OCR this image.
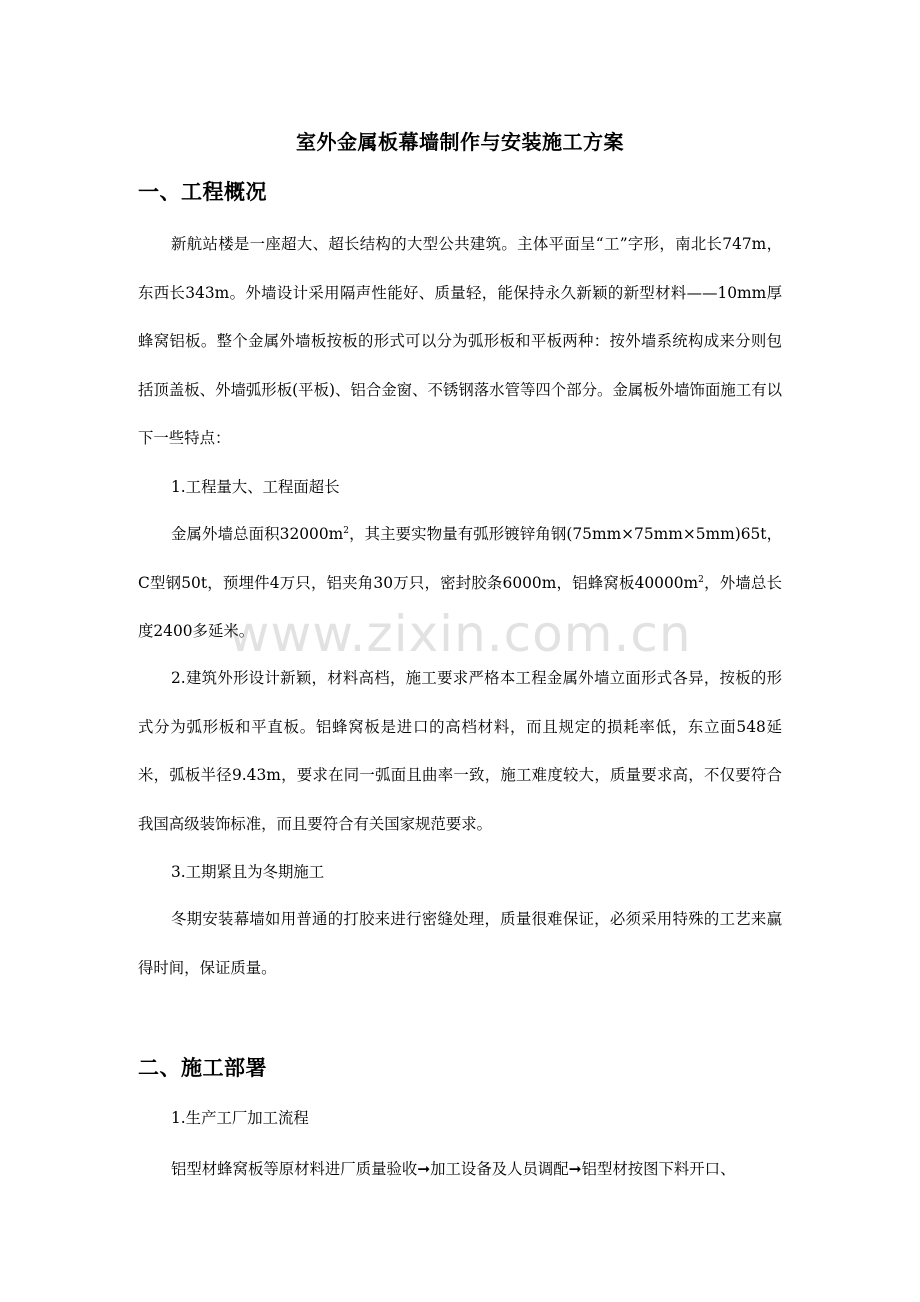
www.zixin.com.cn
室外金属板幕墙制作与安装施工方案
一、工程概况

新航站楼是一座超大、超长结构的大型公共建筑。主体平面呈“工”字形，南北长747m，东西长343m。外墙设计采用隔声性能好、质量轻，能保持永久新颖的新型材料——10mm厚蜂窝铝板。整个金属外墙板按板的形式可以分为弧形板和平板两种：按外墙系统构成来分则包括顶盖板、外墙弧形板(平板)、铝合金窗、不锈钢落水管等四个部分。金属板外墙饰面施工有以下一些特点：

1.工程量大、工程面超长

金属外墙总面积$32000m^2$，其主要实物量有弧形镀锌角钢(75mm×75mm×5mm)65t，C型钢50t，预埋件4万只，铝夹角30万只，密封胶条6000m，铝蜂窝板$40000m^2$，外墙总长度2400多延米。

2.建筑外形设计新颖，材料高档，施工要求严格本工程金属外墙立面形式各异，按板的形式分为弧形板和平直板。铝蜂窝板是进口的高档材料，而且规定的损耗率低，东立面548延米，弧板半径9.43m，要求在同一弧面且曲率一致，施工难度较大，质量要求高，不仅要符合我国高级装饰标准，而且要符合有关国家规范要求。

3.工期紧且为冬期施工

冬期安装幕墙如用普通的打胶来进行密缝处理，质量很难保证，必须采用特殊的工艺来赢得时间，保证质量。

二、施工部署

1.生产工厂加工流程

铝型材蜂窝板等原材料进厂质量验收➞加工设备及人员调配➞铝型材按图下料开口、
